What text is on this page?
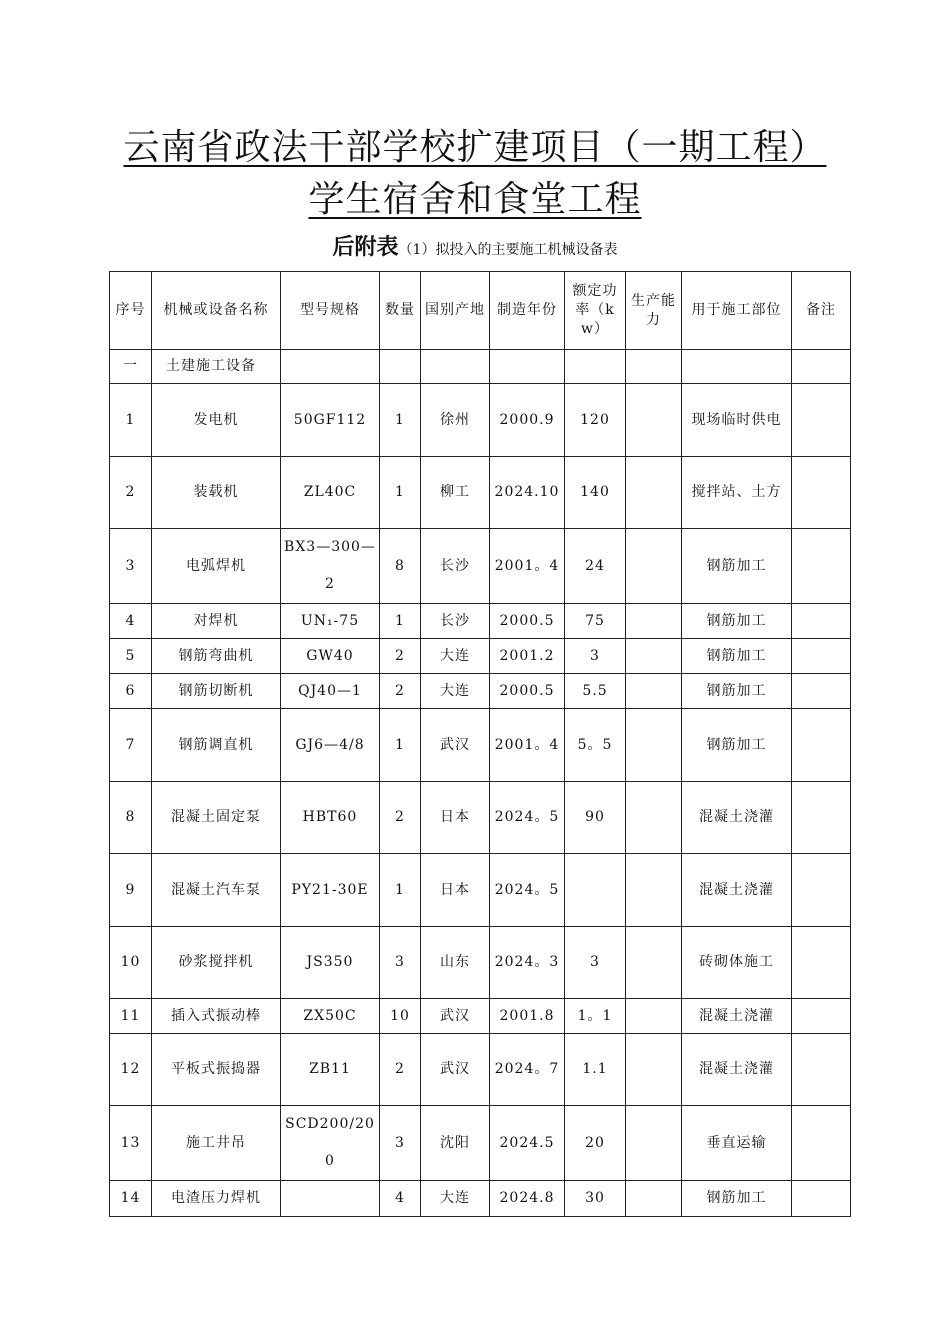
云南省政法干部学校扩建项目（一期工程）
学生宿舍和食堂工程
后附表（1）拟投入的主要施工机械设备表
序号	机械或设备名称	型号规格	数量	国别产地	制造年份	额定功率（kw）	生产能力	用于施工部位	备注
一	土建施工设备								
1	发电机	50GF112	1	徐州	2000.9	120		现场临时供电	
2	装载机	ZL40C	1	柳工	2024.10	140		搅拌站、土方	
3	电弧焊机	BX3—300—2	8	长沙	2001。4	24		钢筋加工	
4	对焊机	UN₁-75	1	长沙	2000.5	75		钢筋加工	
5	钢筋弯曲机	GW40	2	大连	2001.2	3		钢筋加工	
6	钢筋切断机	QJ40—1	2	大连	2000.5	5.5		钢筋加工	
7	钢筋调直机	GJ6—4/8	1	武汉	2001。4	5。5		钢筋加工	
8	混凝土固定泵	HBT60	2	日本	2024。5	90		混凝土浇灌	
9	混凝土汽车泵	PY21-30E	1	日本	2024。5			混凝土浇灌	
10	砂浆搅拌机	JS350	3	山东	2024。3	3		砖砌体施工	
11	插入式振动棒	ZX50C	10	武汉	2001.8	1。1		混凝土浇灌	
12	平板式振捣器	ZB11	2	武汉	2024。7	1.1		混凝土浇灌	
13	施工井吊	SCD200/200	3	沈阳	2024.5	20		垂直运输	
14	电渣压力焊机		4	大连	2024.8	30		钢筋加工	
